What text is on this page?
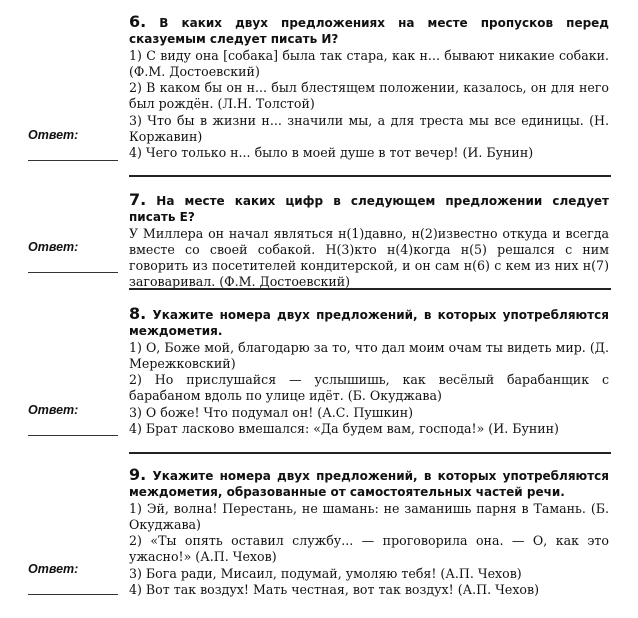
6. В каких двух предложениях на месте пропусков перед сказуемым следует писать И?

1) С виду она [собака] была так стара, как н... бывают никакие собаки. (Ф.М. Достоевский)

2) В каком бы он н... был блестящем положении, казалось, он для него был рождён. (Л.Н. Толстой)

3) Что бы в жизни н... значили мы, а для треста мы все единицы. (Н. Коржавин)

4) Чего только н... было в моей душе в тот вечер! (И. Бунин)

Ответ:

7. На месте каких цифр в следующем предложении следует писать Е?

У Миллера он начал являться н(1)давно, н(2)известно откуда и всегда вместе со своей собакой. Н(3)кто н(4)когда н(5) решался с ним говорить из посетителей кондитерской, и он сам н(6) с кем из них н(7) заговаривал. (Ф.М. Достоевский)

Ответ:

8. Укажите номера двух предложений, в которых употребляются междометия.

1) О, Боже мой, благодарю за то, что дал моим очам ты видеть мир. (Д. Мережковский)

2) Но прислушайся — услышишь, как весёлый барабанщик с барабаном вдоль по улице идёт. (Б. Окуджава)

3) О боже! Что подумал он! (А.С. Пушкин)

4) Брат ласково вмешался: «Да будем вам, господа!» (И. Бунин)

Ответ:

9. Укажите номера двух предложений, в которых употребляются междометия, образованные от самостоятельных частей речи.

1) Эй, волна! Перестань, не шамань: не заманишь парня в Тамань. (Б. Окуджава)

2) «Ты опять оставил службу... — проговорила она. — О, как это ужасно!» (А.П. Чехов)

3) Бога ради, Мисаил, подумай, умоляю тебя! (А.П. Чехов)

4) Вот так воздух! Мать честная, вот так воздух! (А.П. Чехов)

Ответ:
